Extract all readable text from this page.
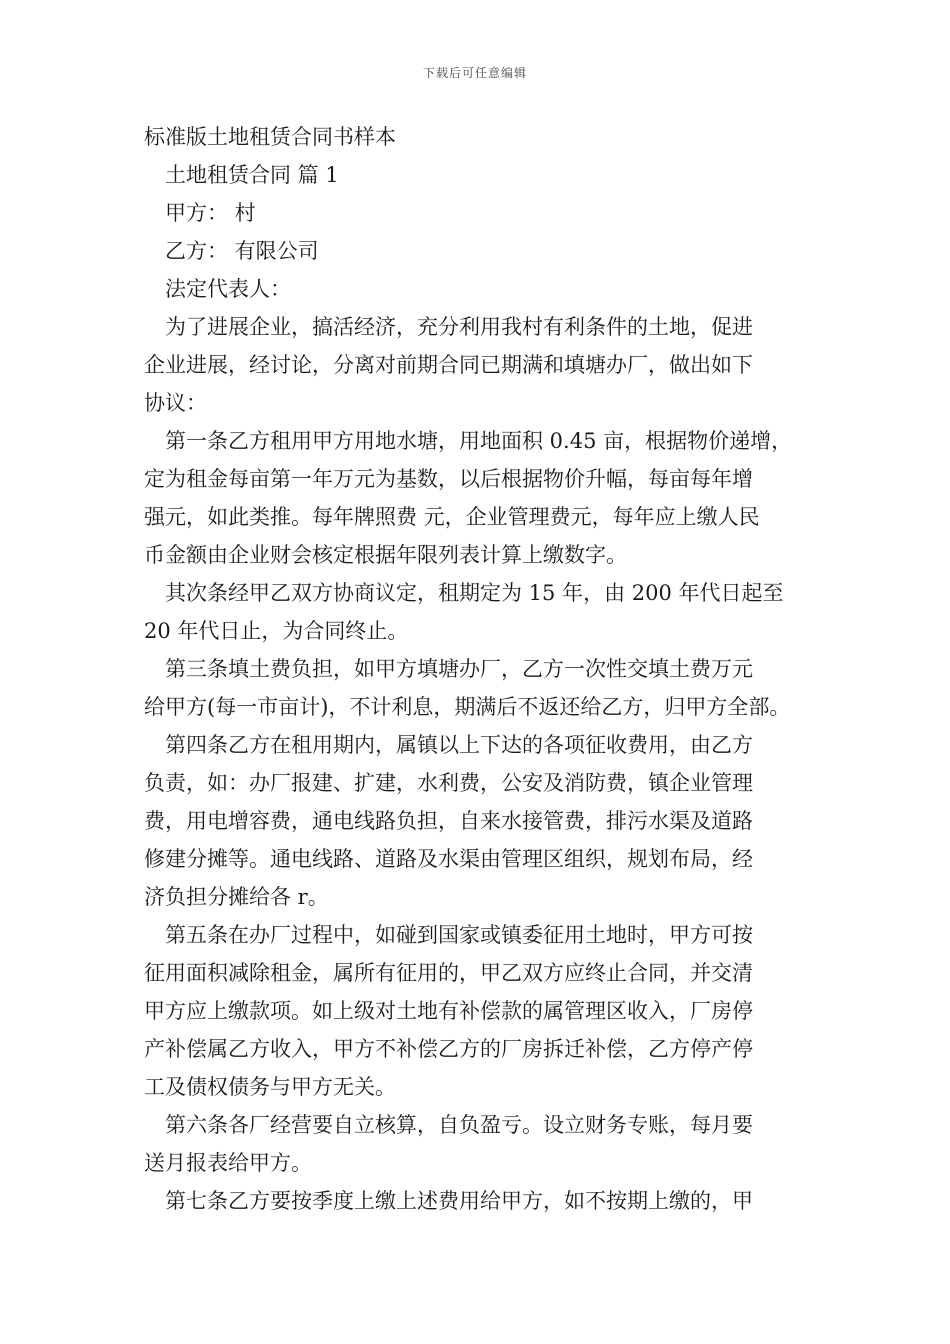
下载后可任意编辑
标准版土地租赁合同书样本
土地租赁合同 篇 1
甲方： 村
乙方： 有限公司
法定代表人：
为了进展企业，搞活经济，充分利用我村有利条件的土地，促进
企业进展，经讨论，分离对前期合同已期满和填塘办厂，做出如下
协议：
第一条乙方租用甲方用地水塘，用地面积 0.45 亩，根据物价递增，
定为租金每亩第一年万元为基数，以后根据物价升幅，每亩每年增
强元，如此类推。每年牌照费 元，企业管理费元，每年应上缴人民
币金额由企业财会核定根据年限列表计算上缴数字。
其次条经甲乙双方协商议定，租期定为 15 年，由 200 年代日起至
20 年代日止，为合同终止。
第三条填土费负担，如甲方填塘办厂，乙方一次性交填土费万元
给甲方(每一市亩计)，不计利息，期满后不返还给乙方，归甲方全部。
第四条乙方在租用期内，属镇以上下达的各项征收费用，由乙方
负责，如：办厂报建、扩建，水利费，公安及消防费，镇企业管理
费，用电增容费，通电线路负担，自来水接管费，排污水渠及道路
修建分摊等。通电线路、道路及水渠由管理区组织，规划布局，经
济负担分摊给各 r。
第五条在办厂过程中，如碰到国家或镇委征用土地时，甲方可按
征用面积减除租金，属所有征用的，甲乙双方应终止合同，并交清
甲方应上缴款项。如上级对土地有补偿款的属管理区收入，厂房停
产补偿属乙方收入，甲方不补偿乙方的厂房拆迁补偿，乙方停产停
工及债权债务与甲方无关。
第六条各厂经营要自立核算，自负盈亏。设立财务专账，每月要
送月报表给甲方。
第七条乙方要按季度上缴上述费用给甲方，如不按期上缴的，甲
